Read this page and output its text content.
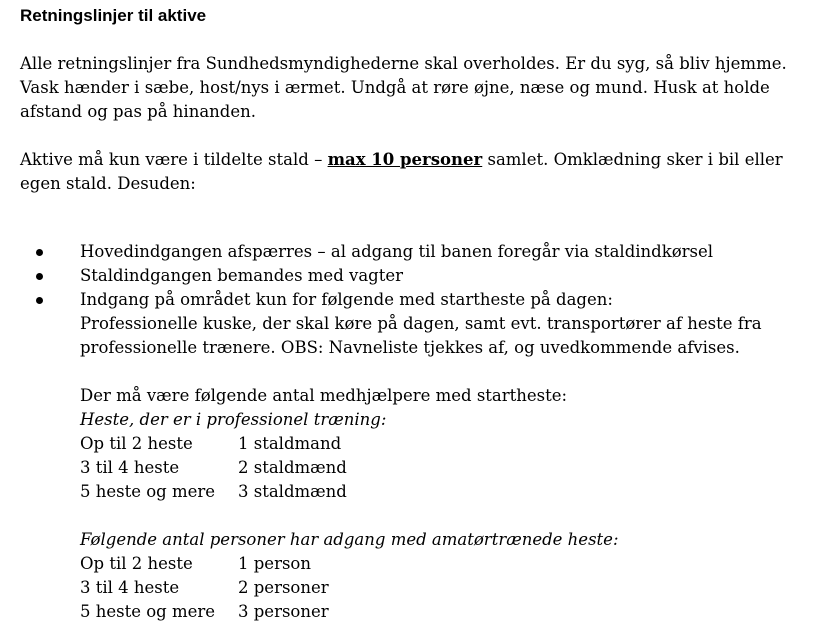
Retningslinjer til aktive

Alle retningslinjer fra Sundhedsmyndighederne skal overholdes. Er du syg, så bliv hjemme.

Vask hænder i sæbe, host/nys i ærmet. Undgå at røre øjne, næse og mund. Husk at holde

afstand og pas på hinanden.

Aktive må kun være i tildelte stald – max 10 personer samlet. Omklædning sker i bil eller

egen stald. Desuden:

Hovedindgangen afspærres – al adgang til banen foregår via staldindkørsel
Staldindgangen bemandes med vagter
Indgang på området kun for følgende med startheste på dagen:
Professionelle kuske, der skal køre på dagen, samt evt. transportører af heste fra
professionelle trænere. OBS: Navneliste tjekkes af, og uvedkommende afvises.
Der må være følgende antal medhjælpere med startheste:
Heste, der er i professionel træning:
Op til 2 heste	1 staldmand
3 til 4 heste	2 staldmænd
5 heste og mere	3 staldmænd
Følgende antal personer har adgang med amatørtrænede heste:
Op til 2 heste	1 person
3 til 4 heste	2 personer
5 heste og mere	3 personer
